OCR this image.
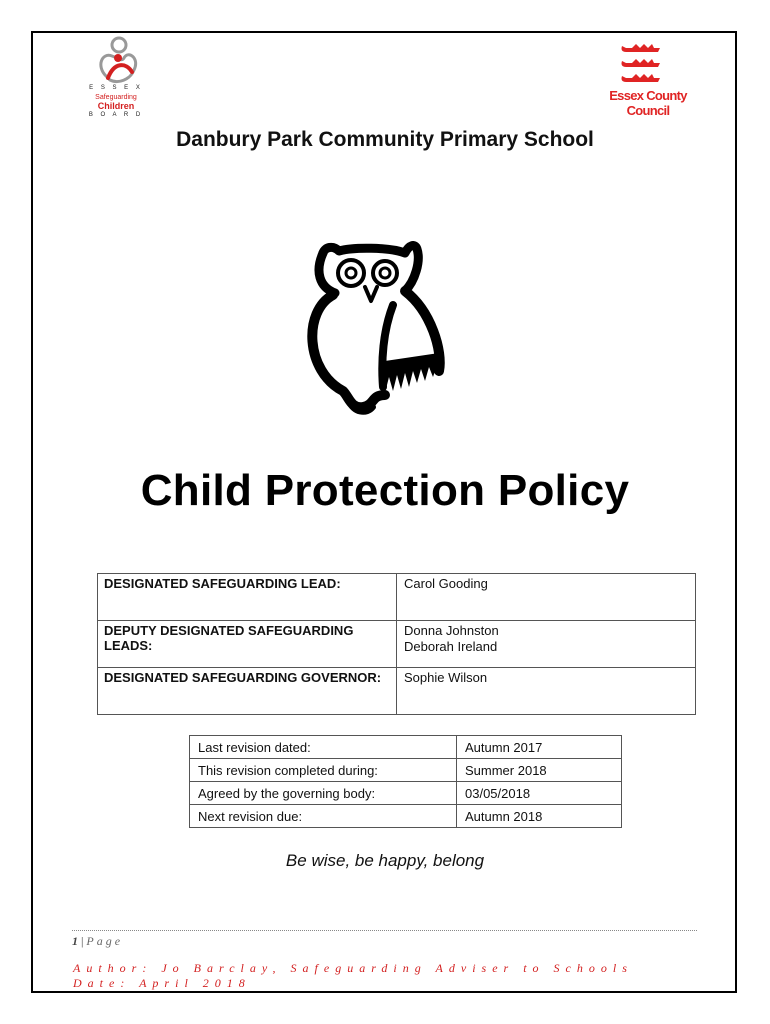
E S S E X
Safeguarding
Children
B O A R D
Essex County Council
Danbury Park Community Primary School
Child Protection Policy
DESIGNATED SAFEGUARDING LEAD:	Carol Gooding

DEPUTY DESIGNATED SAFEGUARDING LEADS:	Donna Johnston
Deborah Ireland

DESIGNATED SAFEGUARDING GOVERNOR:	Sophie Wilson
Last revision dated:	Autumn 2017
This revision completed during:	Summer 2018
Agreed by the governing body:	03/05/2018
Next revision due:	Autumn 2018
Be wise, be happy, belong
1 | Page
Author: Jo Barclay, Safeguarding Adviser to Schools
Date: April 2018
